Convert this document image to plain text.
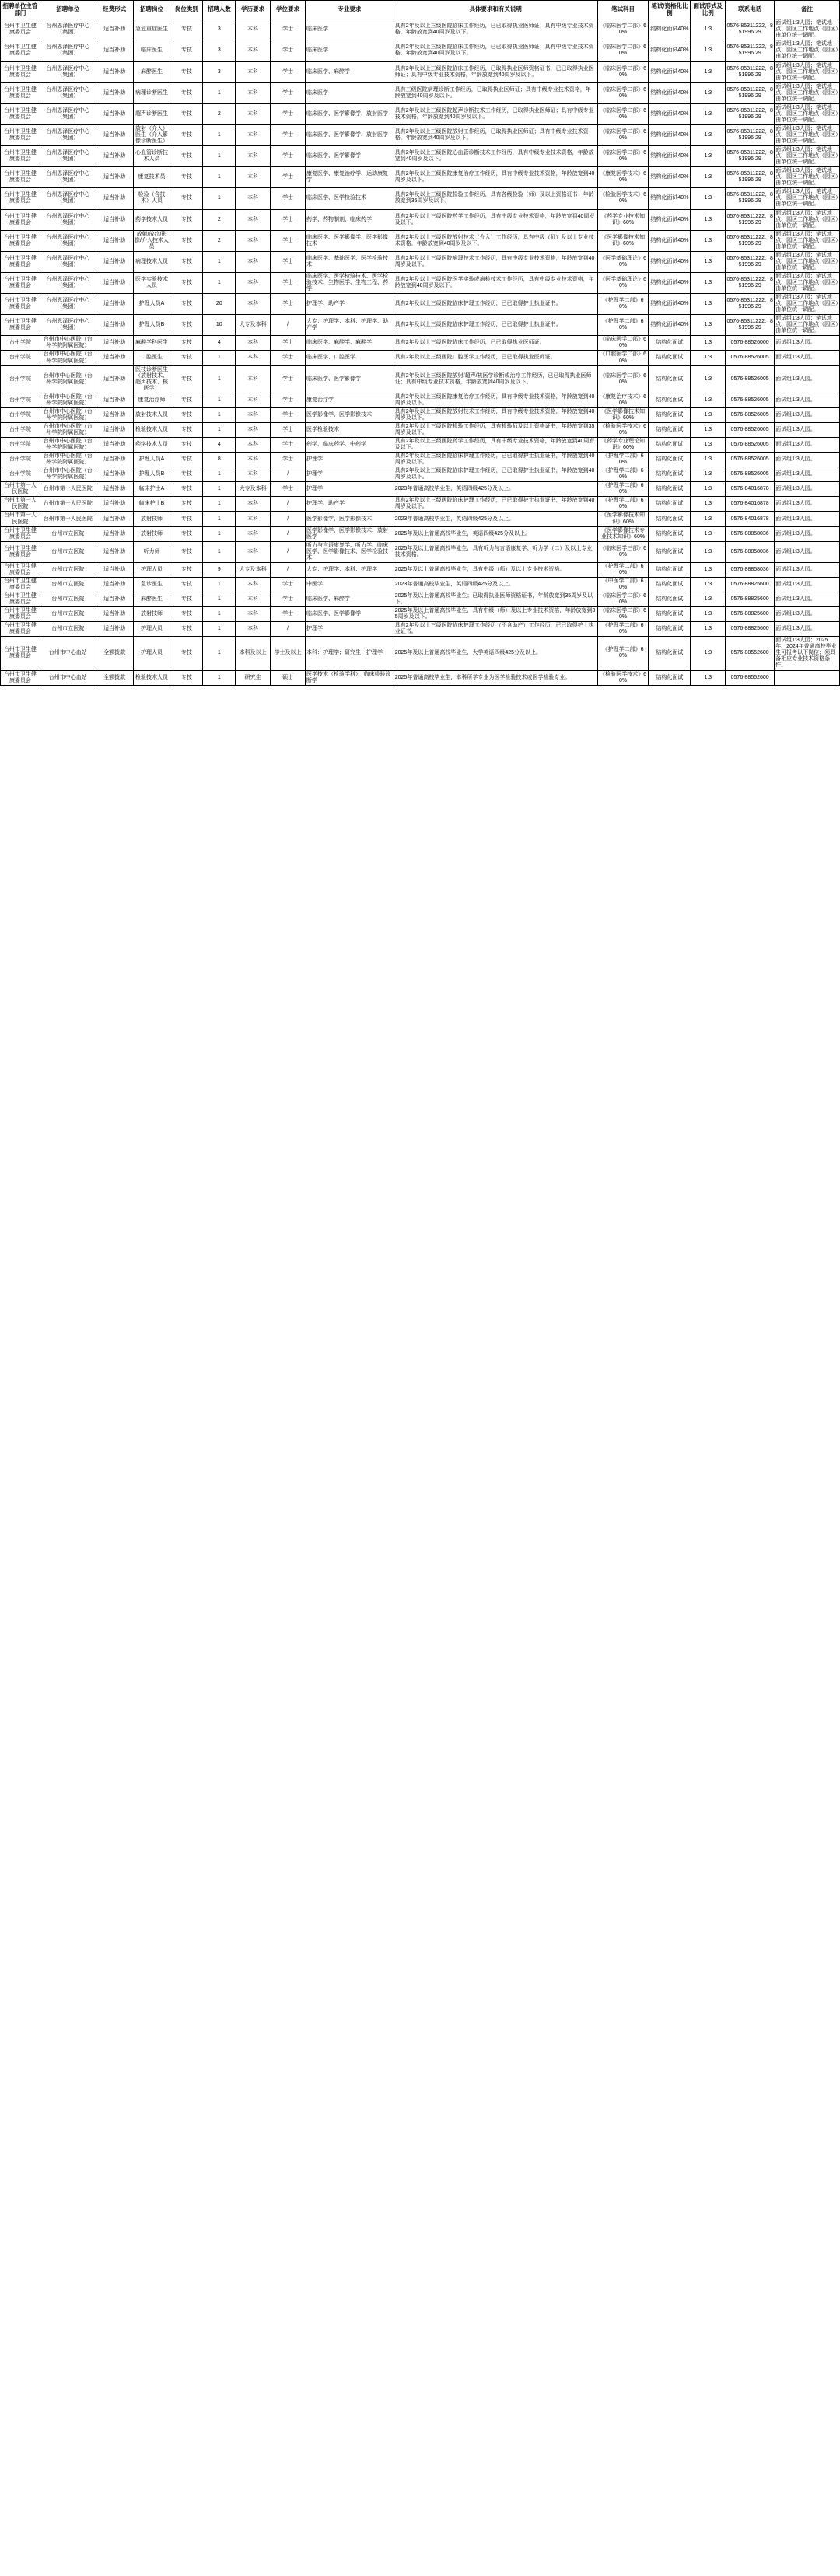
招聘单位主管部门	招聘单位	经费形式	招聘岗位	岗位类别	招聘人数	学历要求	学位要求	专业要求	具体要求和有关说明	笔试科目	笔试/资格化比例	面试形式及比例	联系电话	备注
台州市卫生健康委员会	台州恩泽医疗中心（集团）	适当补助	急危重症医生	专技	3	本科	学士	临床医学	具有2年及以上三级医院临床工作经历，已已取得执业医师证；具有中级专业技术资格，年龄放宽到40周岁及以下。	《临床医学二部》60%	结构化面试40%	1:3	0576-85311222、851996 29	面试组1:3人园；笔试地点、园区工作地点（园区）由单位统一调配。
台州市卫生健康委员会	台州恩泽医疗中心（集团）	适当补助	临床医生	专技	3	本科	学士	临床医学	具有2年及以上三级医院临床工作经历，已已取得执业医师证；具有中级专业技术资格，年龄放宽到40周岁及以下。	《临床医学二部》60%	结构化面试40%	1:3	0576-85311222、851996 29	面试组1:3人园；笔试地点、园区工作地点（园区）由单位统一调配。
台州市卫生健康委员会	台州恩泽医疗中心（集团）	适当补助	麻醉医生	专技	3	本科	学士	临床医学、麻醉学	具有2年及以上三级医院临床工作经历，已取得执业医师资格证书，已已取得执业医师证；具有中级专业技术资格，年龄放宽到40周岁及以下。	《临床医学二部》60%	结构化面试40%	1:3	0576-85311222、851996 29	面试组1:3人园；笔试地点、园区工作地点（园区）由单位统一调配。
台州市卫生健康委员会	台州恩泽医疗中心（集团）	适当补助	病理诊断医生	专技	1	本科	学士	临床医学	具有三级医院病理诊断工作经历，已取得执业医师证；具有中级专业技术资格，年龄放宽到40周岁及以下。	《临床医学二部》60%	结构化面试40%	1:3	0576-85311222、851996 29	面试组1:3人园；笔试地点、园区工作地点（园区）由单位统一调配。
台州市卫生健康委员会	台州恩泽医疗中心（集团）	适当补助	超声诊断医生	专技	2	本科	学士	临床医学、医学影像学、放射医学	具有2年及以上三级医院超声诊断技术工作经历，已取得执业医师证；具有中级专业技术资格，年龄放宽到40周岁及以下。	《临床医学二部》60%	结构化面试40%	1:3	0576-85311222、851996 29	面试组1:3人园；笔试地点、园区工作地点（园区）由单位统一调配。
台州市卫生健康委员会	台州恩泽医疗中心（集团）	适当补助	放射（介入）医生（介入影像诊断医生）	专技	1	本科	学士	临床医学、医学影像学、放射医学	具有2年及以上三级医院放射工作经历，已取得执业医师证；具有中级专业技术资格，年龄放宽到40周岁及以下。	《临床医学二部》60%	结构化面试40%	1:3	0576-85311222、851996 29	面试组1:3人园；笔试地点、园区工作地点（园区）由单位统一调配。
台州市卫生健康委员会	台州恩泽医疗中心（集团）	适当补助	心血管诊断技术人员	专技	1	本科	学士	临床医学、医学影像学	具有2年及以上三级医院心血管诊断技术工作经历，具有中级专业技术资格，年龄放宽到40周岁及以下。	《临床医学二部》60%	结构化面试40%	1:3	0576-85311222、851996 29	面试组1:3人园；笔试地点、园区工作地点（园区）由单位统一调配。
台州市卫生健康委员会	台州恩泽医疗中心（集团）	适当补助	康复技术员	专技	1	本科	学士	康复医学、康复治疗学、运动康复学	具有2年及以上三级医院康复治疗工作经历，具有中级专业技术资格，年龄放宽到40周岁及以下。	《康复医学技术》60%	结构化面试40%	1:3	0576-85311222、851996 29	面试组1:3人园；笔试地点、园区工作地点（园区）由单位统一调配。
台州市卫生健康委员会	台州恩泽医疗中心（集团）	适当补助	检验（含技术）人员	专技	1	本科	学士	临床医学、医学检验技术	具有2年及以上三级医院检验工作经历，具有各级检验（师）及以上资格证书；年龄放宽到35周岁及以下。	《检验医学技术》60%	结构化面试40%	1:3	0576-85311222、851996 29	面试组1:3人园；笔试地点、园区工作地点（园区）由单位统一调配。
台州市卫生健康委员会	台州恩泽医疗中心（集团）	适当补助	药学技术人员	专技	2	本科	学士	药学、药物制剂、临床药学	具有2年及以上三级医院药学工作经历，具有中级专业技术资格，年龄放宽到40周岁及以下。	《药学专业技术知识》60%	结构化面试40%	1:3	0576-85311222、851996 29	面试组1:3人园；笔试地点、园区工作地点（园区）由单位统一调配。
台州市卫生健康委员会	台州恩泽医疗中心（集团）	适当补助	放射/放疗/影像/介入技术人员	专技	2	本科	学士	临床医学、医学影像学、医学影像技术	具有2年及以上三级医院放射技术（介入）工作经历，具有中级（师）及以上专业技术资格，年龄放宽到40周岁及以下。	《医学影像技术知识》60%	结构化面试40%	1:3	0576-85311222、851996 29	面试组1:3人园；笔试地点、园区工作地点（园区）由单位统一调配。
台州市卫生健康委员会	台州恩泽医疗中心（集团）	适当补助	病理技术人员	专技	1	本科	学士	临床医学、基础医学、医学检验技术	具有2年及以上三级医院病理技术工作经历，具有中级专业技术资格，年龄放宽到40周岁及以下。	《医学基础理论》60%	结构化面试40%	1:3	0576-85311222、851996 29	面试组1:3人园；笔试地点、园区工作地点（园区）由单位统一调配。
台州市卫生健康委员会	台州恩泽医疗中心（集团）	适当补助	医学实验技术人员	专技	1	本科	学士	临床医学、医学检验技术、医学检验技术、生物医学、生物工程、药学	具有2年及以上三级医院医学实验或病检技术工作经历，具有中级专业技术资格，年龄放宽到40周岁及以下。	《医学基础理论》60%	结构化面试40%	1:3	0576-85311222、851996 29	面试组1:3人园；笔试地点、园区工作地点（园区）由单位统一调配。
台州市卫生健康委员会	台州恩泽医疗中心（集团）	适当补助	护理人员A	专技	20	本科	学士	护理学、助产学	具有2年及以上三级医院临床护理工作经历，已已取得护士执业证书。	《护理学二部》60%	结构化面试40%	1:3	0576-85311222、851996 29	面试组1:3人园；笔试地点、园区工作地点（园区）由单位统一调配。
台州市卫生健康委员会	台州恩泽医疗中心（集团）	适当补助	护理人员B	专技	10	大专及本科	/	大专：护理学；本科：护理学、助产学	具有2年及以上三级医院临床护理工作经历，已已取得护士执业证书。	《护理学二部》60%	结构化面试40%	1:3	0576-85311222、851996 29	面试组1:3人园；笔试地点、园区工作地点（园区）由单位统一调配。
台州学院	台州市中心医院（台州学院附属医院）	适当补助	麻醉学科医生	专技	4	本科	学士	临床医学、麻醉学、麻醉学	具有2年及以上三级医院临床工作经历，已已取得执业医师证。	《临床医学二部》60%	结构化面试	1:3	0576-88526000	面试组1:3人园。
台州学院	台州市中心医院（台州学院附属医院）	适当补助	口腔医生	专技	1	本科	学士	临床医学、口腔医学	具有2年及以上三级医院口腔医学工作经历，已已取得执业医师证。	《口腔医学二部》60%	结构化面试	1:3	0576-88526005	面试组1:3人园。
台州学院	台州市中心医院（台州学院附属医院）	适当补助	医技诊断医生（放射技术、超声技术、核医学）	专技	1	本科	学士	临床医学、医学影像学	具有2年及以上三级医院放射/超声/核医学诊断或治疗工作经历，已已取得执业医师证；具有中级专业技术资格，年龄放宽到40周岁及以下。	《临床医学二部》60%	结构化面试	1:3	0576-88526005	面试组1:3人园。
台州学院	台州市中心医院（台州学院附属医院）	适当补助	康复治疗师	专技	1	本科	学士	康复治疗学	具有2年及以上三级医院康复治疗工作经历，具有中级专业技术资格，年龄放宽到40周岁及以下。	《康复治疗技术》60%	结构化面试	1:3	0576-88526005	面试组1:3人园。
台州学院	台州市中心医院（台州学院附属医院）	适当补助	放射技术人员	专技	1	本科	学士	医学影像学、医学影像技术	具有2年及以上三级医院放射技术工作经历，具有中级专业技术资格，年龄放宽到40周岁及以下。	《医学影像技术知识》60%	结构化面试	1:3	0576-88526005	面试组1:3人园。
台州学院	台州市中心医院（台州学院附属医院）	适当补助	检验技术人员	专技	1	本科	学士	医学检验技术	具有2年及以上三级医院检验工作经历，具有检验师及以上资格证书，年龄放宽到35周岁及以下。	《检验医学技术》60%	结构化面试	1:3	0576-88526005	面试组1:3人园。
台州学院	台州市中心医院（台州学院附属医院）	适当补助	药学技术人员	专技	4	本科	学士	药学、临床药学、中药学	具有2年及以上三级医院药学工作经历，具有中级专业技术资格，年龄放宽到40周岁及以下。	《药学专业理论知识》60%	结构化面试	1:3	0576-88526005	面试组1:3人园。
台州学院	台州市中心医院（台州学院附属医院）	适当补助	护理人员A	专技	8	本科	学士	护理学	具有2年及以上三级医院临床护理工作经历，已已取得护士执业证书，年龄放宽到40周岁及以下。	《护理学二部》60%	结构化面试	1:3	0576-88526005	面试组1:3人园。
台州学院	台州市中心医院（台州学院附属医院）	适当补助	护理人员B	专技	1	本科	/	护理学	具有2年及以上三级医院临床护理工作经历，已已取得护士执业证书，年龄放宽到40周岁及以下。	《护理学二部》60%	结构化面试	1:3	0576-88526005	面试组1:3人园。
台州市第一人民医院	台州市第一人民医院	适当补助	临床护士A	专技	1	大专及本科	学士	护理学	2023年普通高校毕业生，英语四级425分及以上。	《护理学二部》60%	结构化面试	1:3	0576-84016878	面试组1:3人园。
台州市第一人民医院	台州市第一人民医院	适当补助	临床护士B	专技	1	本科	/	护理学、助产学	具有2年及以上三级医院临床护理工作经历，已已取得护士执业证书，年龄放宽到40周岁及以下。	《护理学二部》60%	结构化面试	1:3	0576-84016878	面试组1:3人园。
台州市第一人民医院	台州市第一人民医院	适当补助	放射技师	专技	1	本科	/	医学影像学、医学影像技术	2023年普通高校毕业生，英语四级425分及以上。	《医学影像技术知识》60%	结构化面试	1:3	0576-84016878	面试组1:3人园。
台州市卫生健康委员会	台州市立医院	适当补助	放射技师	专技	1	本科	/	医学影像学、医学影像技术、放射医学	2025年及以上普通高校毕业生，英语四级425分及以上。	《医学影像技术专业技术知识》60%	结构化面试	1:3	0576-88858036	面试组1:3人园。
台州市卫生健康委员会	台州市立医院	适当补助	听力师	专技	1	本科	/	听力与言语康复学、听力学、临床医学、医学影像技术、医学检验技术	2025年及以上普通高校毕业生，具有听力与言语康复学、听力学（二）及以上专业技术资格。	《临床医学三部》60%	结构化面试	1:3	0576-88858036	面试组1:3人园。
台州市卫生健康委员会	台州市立医院	适当补助	护理人员	专技	9	大专及本科	/	大专：护理学；本科：护理学	2025年及以上普通高校毕业生，具有中级（师）及以上专业技术资格。	《护理学二部》60%	结构化面试	1:3	0576-88858036	面试组1:3人园。
台州市卫生健康委员会	台州市立医院	适当补助	急诊医生	专技	1	本科	学士	中医学	2023年普通高校毕业生，英语四级425分及以上。	《中医学二部》60%	结构化面试	1:3	0576-88825600	面试组1:3人园。
台州市卫生健康委员会	台州市立医院	适当补助	麻醉医生	专技	1	本科	学士	临床医学、麻醉学	2025年及以上普通高校毕业生；已取得执业医师资格证书，年龄放宽到35周岁及以下。	《临床医学二部》60%	结构化面试	1:3	0576-88825600	面试组1:3人园。
台州市卫生健康委员会	台州市立医院	适当补助	放射技师	专技	1	本科	学士	临床医学、医学影像学	2025年及以上普通高校毕业生，具有中级（师）及以上专业技术资格，年龄放宽到35周岁及以下。	《临床医学二部》60%	结构化面试	1:3	0576-88825600	面试组1:3人园。
台州市卫生健康委员会	台州市立医院	适当补助	护理人员	专技	1	本科	/	护理学	具有2年及以上三级医院临床护理工作经历（不含助产）工作经历，已已取得护士执业证书。	《护理学二部》60%	结构化面试	1:3	0576-88825600	面试组1:3人园。
台州市卫生健康委员会	台州市中心血站	全额拨款	护理人员	专技	1	本科及以上	学士及以上	本科：护理学；研究生：护理学	2025年及以上普通高校毕业生，大学英语四级425分及以上。	《护理学二部》60%	结构化面试	1:3	0576-88552600	面试组1:3人园；2025年、2024年普通高校毕业生可报考以下岗位；须具备相应专业技术资格条件。
台州市卫生健康委员会	台州市中心血站	全额拨款	检验技术人员	专技	1	研究生	硕士	医学技术（检验学科）、临床检验诊断学	2025年普通高校毕业生，本科所学专业为医学检验技术或医学检验专业。	《检验医学技术》60%	结构化面试	1:3	0576-88552600	
